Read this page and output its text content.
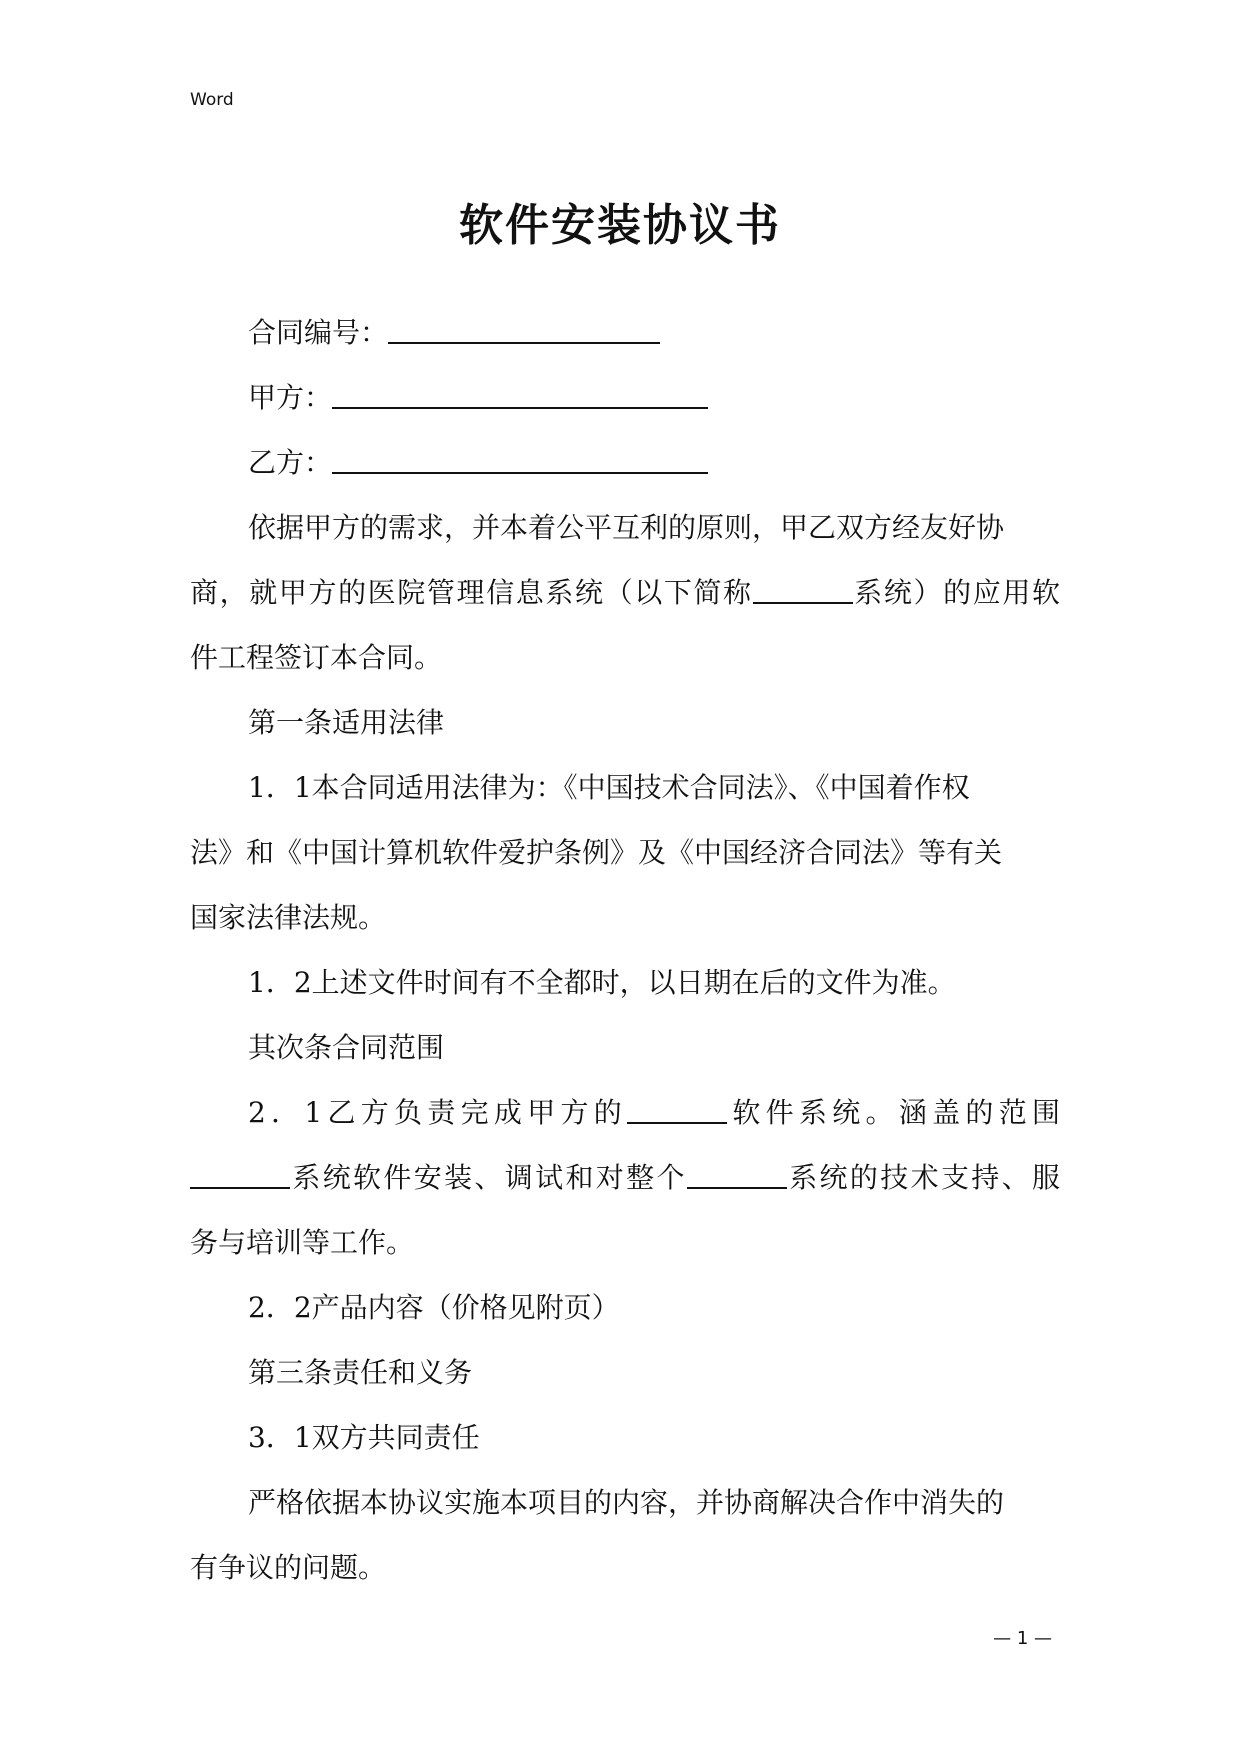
Word
软件安装协议书
合同编号：
甲方：
乙方：
依据甲方的需求，并本着公平互利的原则，甲乙双方经友好协
商，就甲方的医院管理信息系统（以下简称	系统）的应用软
件工程签订本合同。
第一条适用法律
1．1本合同适用法律为：《中国技术合同法》、《中国着作权
法》和《中国计算机软件爱护条例》及《中国经济合同法》等有关
国家法律法规。
1．2上述文件时间有不全都时，以日期在后的文件为准。
其次条合同范围
2．1乙方负责完成甲方的	软件系统。涵盖的范围
系统软件安装、调试和对整个	系统的技术支持、服
务与培训等工作。
2．2产品内容（价格见附页）
第三条责任和义务
3．1双方共同责任
严格依据本协议实施本项目的内容，并协商解决合作中消失的
有争议的问题。
— 1 —
